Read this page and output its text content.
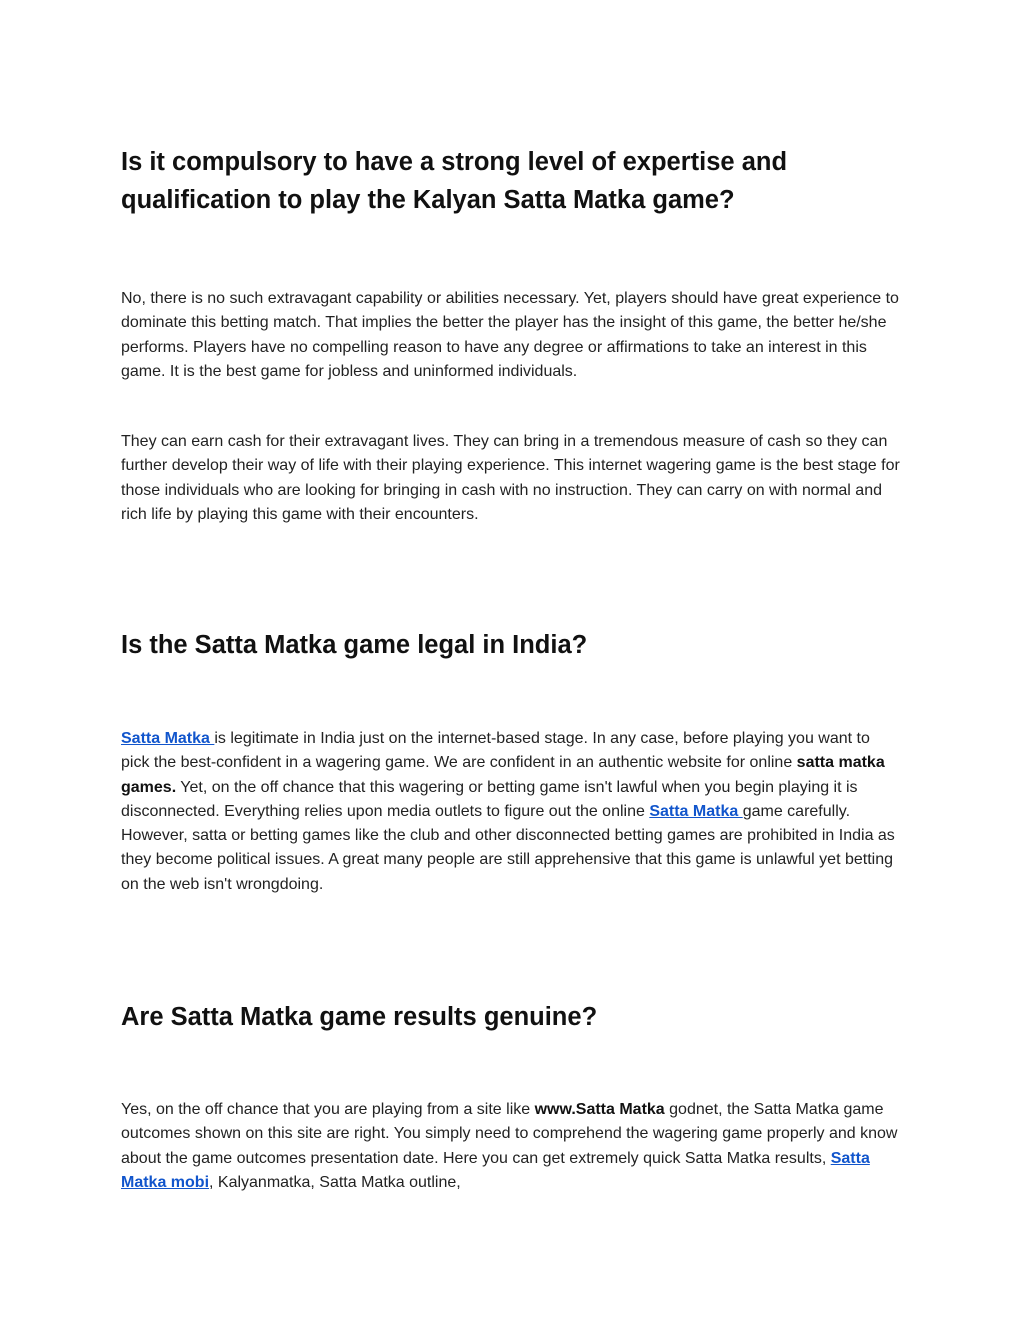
Is it compulsory to have a strong level of expertise and qualification to play the Kalyan Satta Matka game?

No, there is no such extravagant capability or abilities necessary. Yet, players should have great experience to dominate this betting match. That implies the better the player has the insight of this game, the better he/she performs. Players have no compelling reason to have any degree or affirmations to take an interest in this game. It is the best game for jobless and uninformed individuals.

They can earn cash for their extravagant lives. They can bring in a tremendous measure of cash so they can further develop their way of life with their playing experience. This internet wagering game is the best stage for those individuals who are looking for bringing in cash with no instruction. They can carry on with normal and rich life by playing this game with their encounters.

Is the Satta Matka game legal in India?

Satta Matka is legitimate in India just on the internet-based stage. In any case, before playing you want to pick the best-confident in a wagering game. We are confident in an authentic website for online satta matka games. Yet, on the off chance that this wagering or betting game isn't lawful when you begin playing it is disconnected. Everything relies upon media outlets to figure out the online Satta Matka game carefully. However, satta or betting games like the club and other disconnected betting games are prohibited in India as they become political issues. A great many people are still apprehensive that this game is unlawful yet betting on the web isn't wrongdoing.

Are Satta Matka game results genuine?

Yes, on the off chance that you are playing from a site like www.Satta Matka godnet, the Satta Matka game outcomes shown on this site are right. You simply need to comprehend the wagering game properly and know about the game outcomes presentation date. Here you can get extremely quick Satta Matka results, Satta Matka mobi, Kalyanmatka, Satta Matka outline,
